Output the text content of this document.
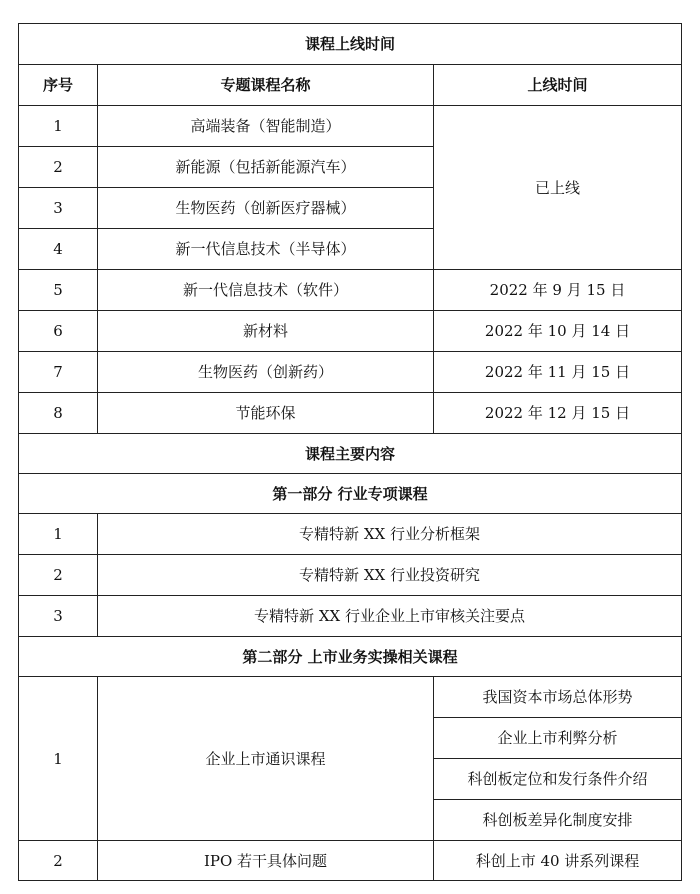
课程上线时间		
序号	专题课程名称	上线时间
1	高端装备（智能制造）	已上线
2	新能源（包括新能源汽车）	
3	生物医药（创新医疗器械）	
4	新一代信息技术（半导体）	
5	新一代信息技术（软件）	2022 年 9 月 15 日
6	新材料	2022 年 10 月 14 日
7	生物医药（创新药）	2022 年 11 月 15 日
8	节能环保	2022 年 12 月 15 日
课程主要内容		
第一部分 行业专项课程		
1	专精特新 XX 行业分析框架	
2	专精特新 XX 行业投资研究	
3	专精特新 XX 行业企业上市审核关注要点	
第二部分 上市业务实操相关课程		
1	企业上市通识课程	我国资本市场总体形势
		企业上市利弊分析
		科创板定位和发行条件介绍
		科创板差异化制度安排
2	IPO 若干具体问题	科创上市 40 讲系列课程
